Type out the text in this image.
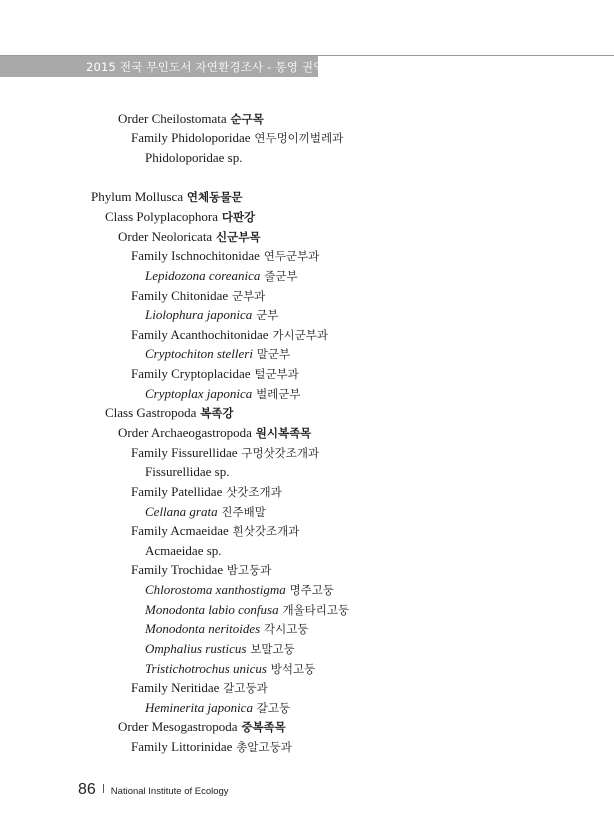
2015 전국 무인도서 자연환경조사 - 통영 권역
Order Cheilostomata 순구목
Family Phidoloporidae 연두멍이끼벌레과
Phidoloporidae sp.
Phylum Mollusca 연체동물문
Class Polyplacophora 다판강
Order Neoloricata 신군부목
Family Ischnochitonidae 연두군부과
Lepidozona coreanica 줄군부
Family Chitonidae 군부과
Liolophura japonica 군부
Family Acanthochitonidae 가시군부과
Cryptochiton stelleri 말군부
Family Cryptoplacidae 털군부과
Cryptoplax japonica 벌레군부
Class Gastropoda 복족강
Order Archaeogastropoda 원시복족목
Family Fissurellidae 구멍삿갓조개과
Fissurellidae sp.
Family Patellidae 삿갓조개과
Cellana grata 진주배말
Family Acmaeidae 흰삿갓조개과
Acmaeidae sp.
Family Trochidae 밤고둥과
Chlorostoma xanthostigma 명주고둥
Monodonta labio confusa 개울타리고둥
Monodonta neritoides 각시고둥
Omphalius rusticus 보말고둥
Tristichotrochus unicus 방석고둥
Family Neritidae 갈고둥과
Heminerita japonica 갈고둥
Order Mesogastropoda 중복족목
Family Littorinidae 총알고둥과
86 National Institute of Ecology
